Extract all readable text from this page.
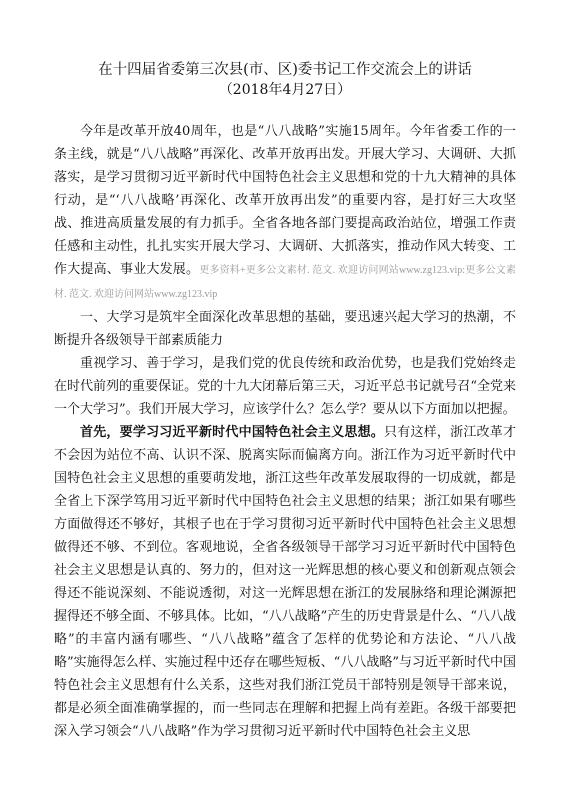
在十四届省委第三次县(市、区)委书记工作交流会上的讲话
（2018年4月27日）

今年是改革开放40周年，也是“八八战略”实施15周年。今年省委工作的一条主线，就是“八八战略”再深化、改革开放再出发。开展大学习、大调研、大抓落实，是学习贯彻习近平新时代中国特色社会主义思想和党的十九大精神的具体行动，是“‘八八战略’再深化、改革开放再出发”的重要内容，是打好三大攻坚战、推进高质量发展的有力抓手。全省各地各部门要提高政治站位，增强工作责任感和主动性，扎扎实实开展大学习、大调研、大抓落实，推动作风大转变、工作大提高、事业大发展。更多资料+更多公文素材. 范文. 欢迎访问网站www.zg123.vip:更多公文素材. 范文. 欢迎访问网站www.zg123.vip

一、大学习是筑牢全面深化改革思想的基础，要迅速兴起大学习的热潮，不断提升各级领导干部素质能力

重视学习、善于学习，是我们党的优良传统和政治优势，也是我们党始终走在时代前列的重要保证。党的十九大闭幕后第三天，习近平总书记就号召“全党来一个大学习”。我们开展大学习，应该学什么？怎么学？要从以下方面加以把握。

首先，要学习习近平新时代中国特色社会主义思想。只有这样，浙江改革才不会因为站位不高、认识不深、脱离实际而偏离方向。浙江作为习近平新时代中国特色社会主义思想的重要萌发地，浙江这些年改革发展取得的一切成就，都是全省上下深学笃用习近平新时代中国特色社会主义思想的结果；浙江如果有哪些方面做得还不够好，其根子也在于学习贯彻习近平新时代中国特色社会主义思想做得还不够、不到位。客观地说，全省各级领导干部学习习近平新时代中国特色社会主义思想是认真的、努力的，但对这一光辉思想的核心要义和创新观点领会得还不能说深刻、不能说透彻，对这一光辉思想在浙江的发展脉络和理论渊源把握得还不够全面、不够具体。比如，“八八战略”产生的历史背景是什么、“八八战略”的丰富内涵有哪些、“八八战略”蕴含了怎样的优势论和方法论、“八八战略”实施得怎么样、实施过程中还存在哪些短板、“八八战略”与习近平新时代中国特色社会主义思想有什么关系，这些对我们浙江党员干部特别是领导干部来说，都是必须全面准确掌握的，而一些同志在理解和把握上尚有差距。各级干部要把深入学习领会“八八战略”作为学习贯彻习近平新时代中国特色社会主义思
